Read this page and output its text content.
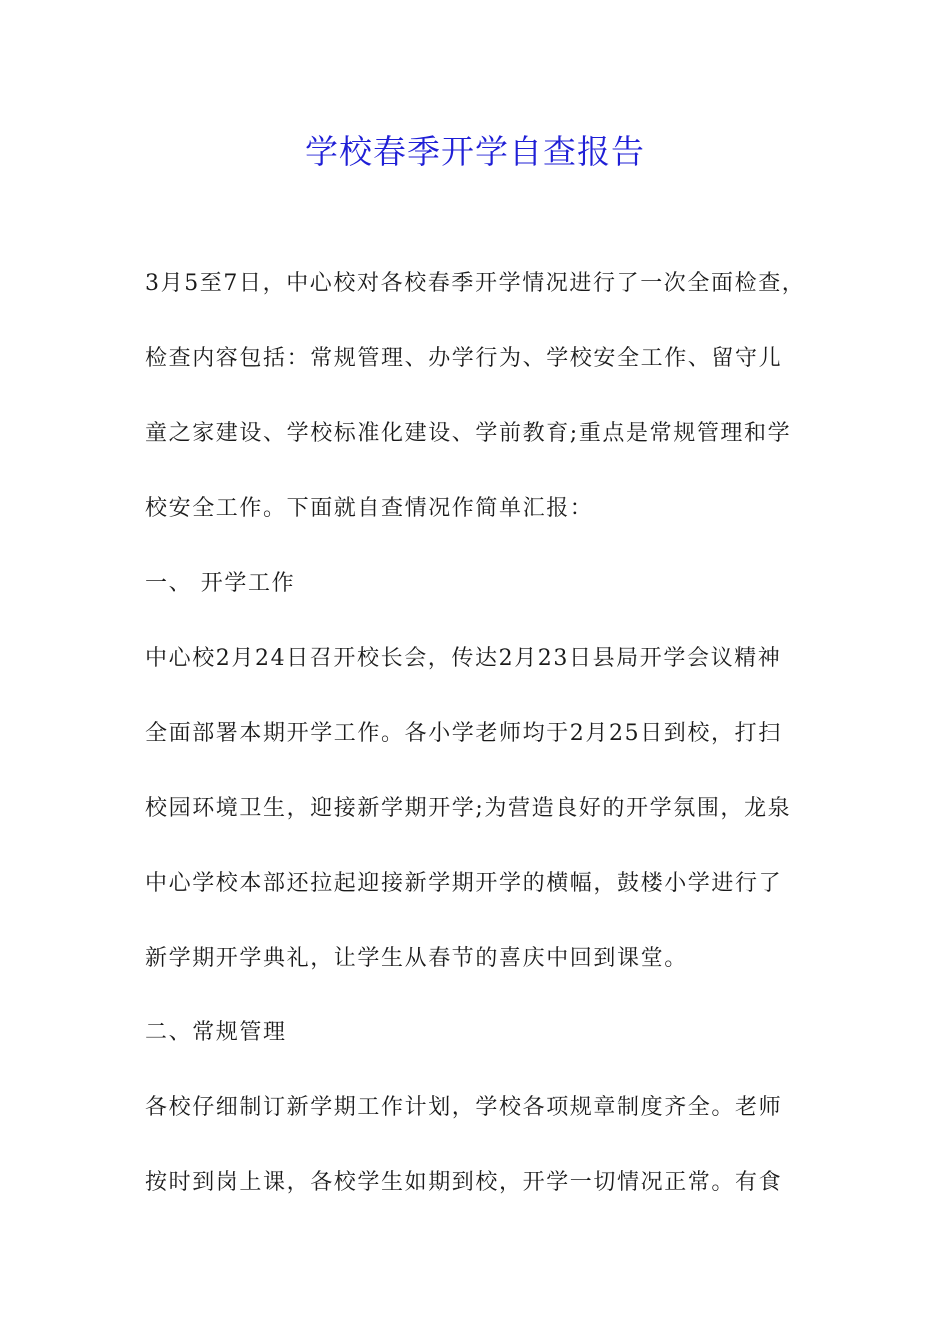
学校春季开学自查报告
3月5至7日，中心校对各校春季开学情况进行了一次全面检查，
检查内容包括：常规管理、办学行为、学校安全工作、留守儿
童之家建设、学校标准化建设、学前教育;重点是常规管理和学
校安全工作。下面就自查情况作简单汇报：
一、 开学工作
中心校2月24日召开校长会，传达2月23日县局开学会议精神
全面部署本期开学工作。各小学老师均于2月25日到校，打扫
校园环境卫生，迎接新学期开学;为营造良好的开学氛围，龙泉
中心学校本部还拉起迎接新学期开学的横幅，鼓楼小学进行了
新学期开学典礼，让学生从春节的喜庆中回到课堂。
二、常规管理
各校仔细制订新学期工作计划，学校各项规章制度齐全。老师
按时到岗上课，各校学生如期到校，开学一切情况正常。有食
